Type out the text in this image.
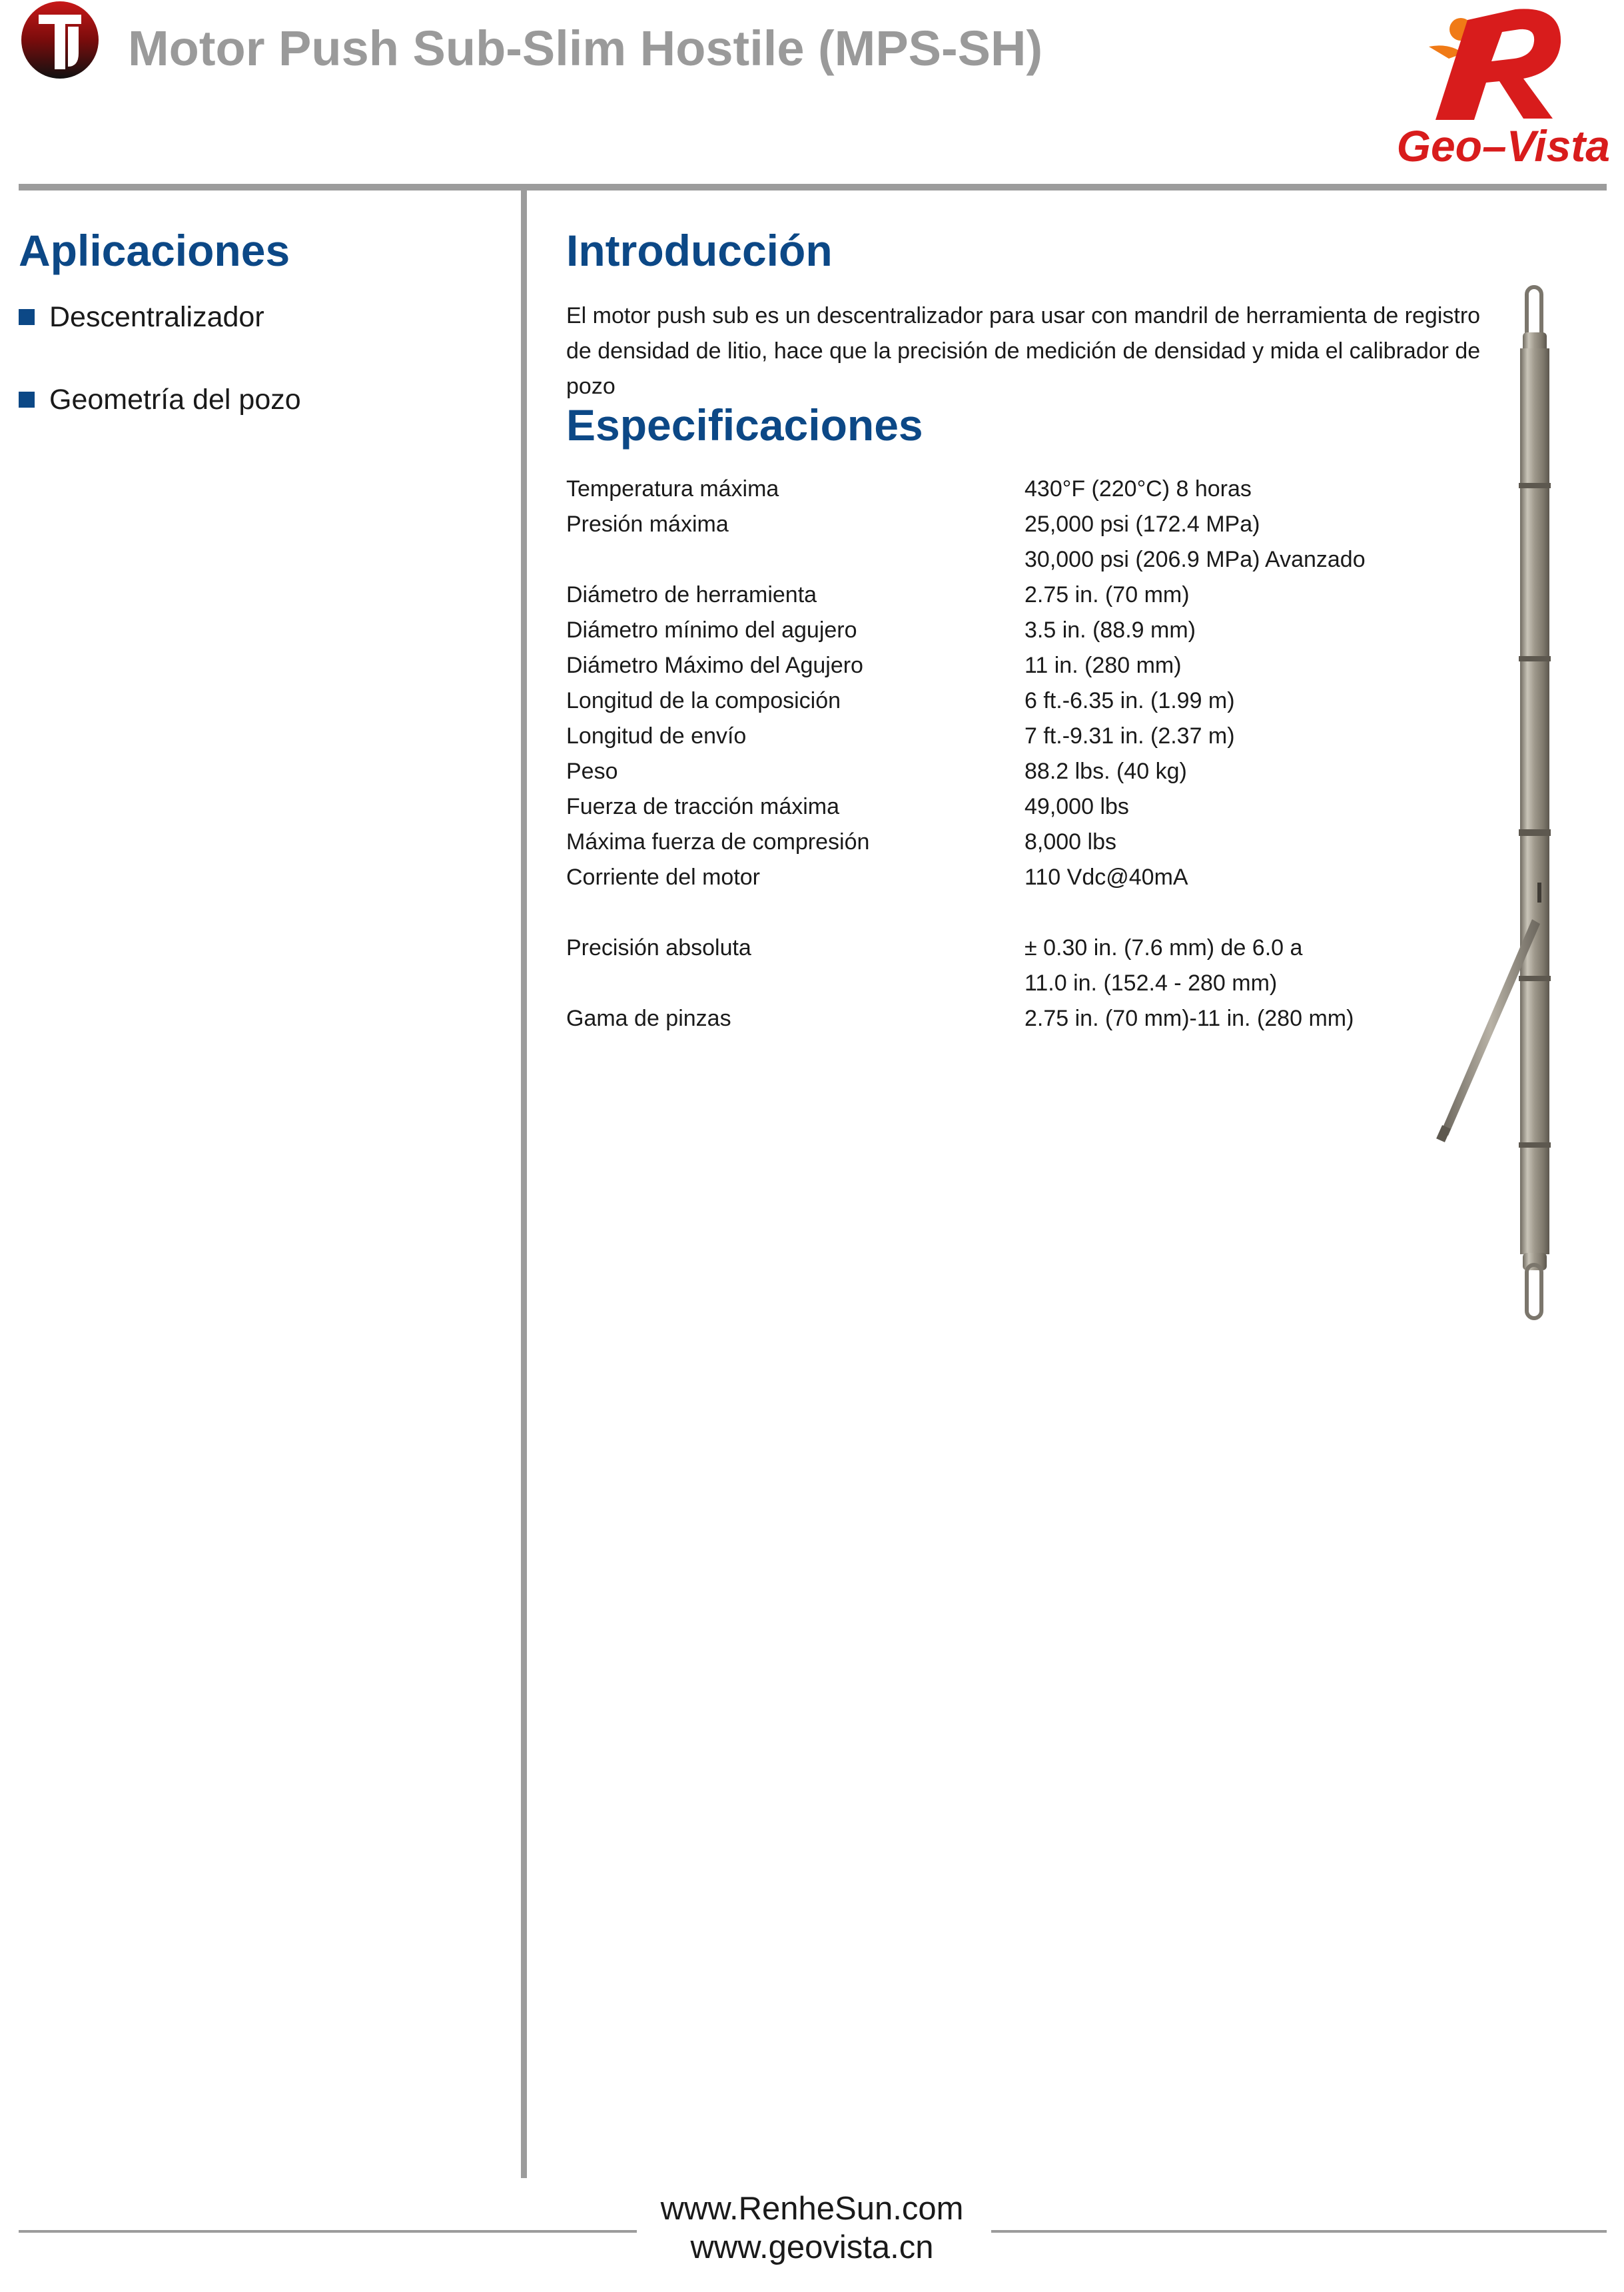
Motor Push Sub-Slim Hostile (MPS-SH)
Geo–Vista
Aplicaciones
Descentralizador
Geometría del pozo
Introducción
El motor push sub es un descentralizador para usar con mandril de herramienta de registro de densidad de litio, hace que la precisión de medición de densidad y mida el calibrador de pozo
Especificaciones
Temperatura máxima	430°F (220°C) 8 horas
Presión máxima	25,000 psi (172.4 MPa)
30,000 psi (206.9 MPa) Avanzado
Diámetro de herramienta	2.75 in. (70 mm)
Diámetro mínimo del agujero	3.5 in. (88.9 mm)
Diámetro Máximo del Agujero	11 in. (280 mm)
Longitud de la composición	6 ft.-6.35 in. (1.99 m)
Longitud de envío	7 ft.-9.31 in. (2.37 m)
Peso	88.2 lbs. (40 kg)
Fuerza de tracción máxima	49,000 lbs
Máxima fuerza de compresión	8,000 lbs
Corriente del motor	110 Vdc@40mA
Precisión absoluta	± 0.30 in. (7.6 mm) de 6.0 a
11.0 in. (152.4 - 280 mm)
Gama de pinzas	2.75 in. (70 mm)-11 in. (280 mm)
www.RenheSun.com
www.geovista.cn
